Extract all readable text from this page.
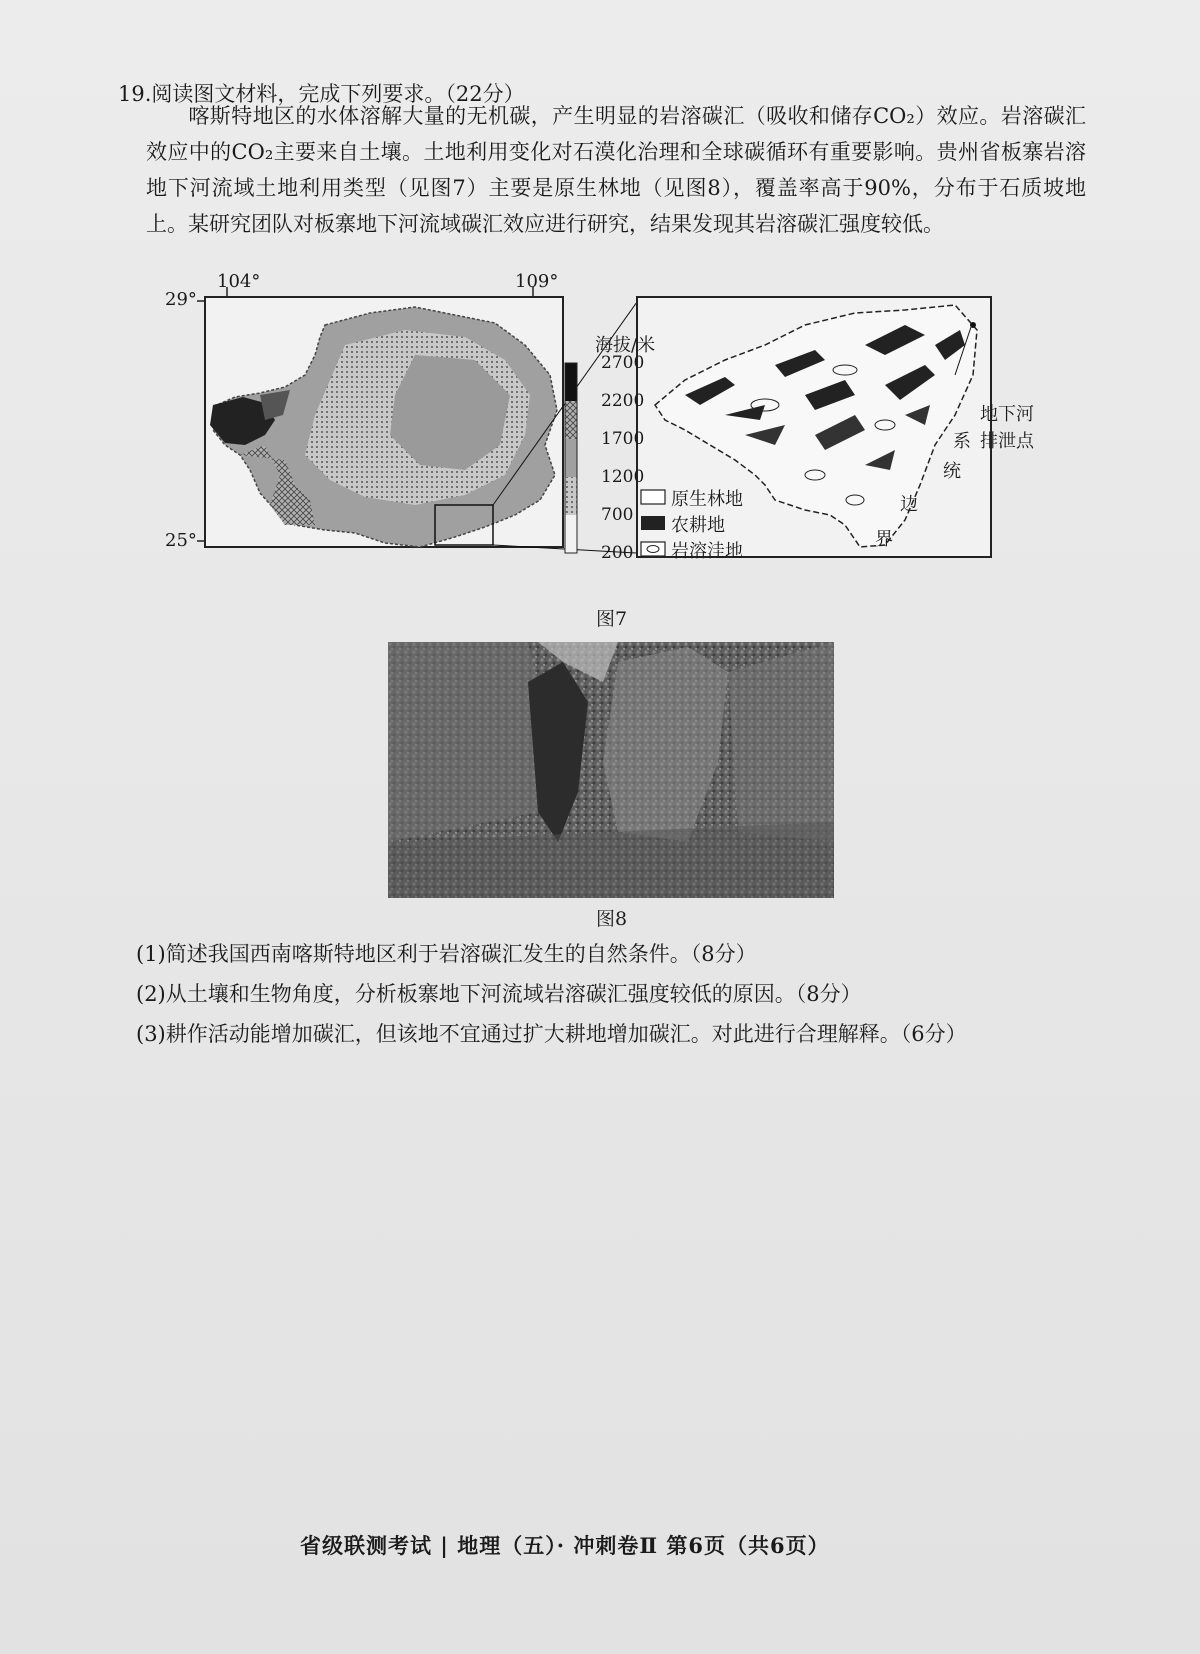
19.阅读图文材料，完成下列要求。（22分）
喀斯特地区的水体溶解大量的无机碳，产生明显的岩溶碳汇（吸收和储存CO₂）效应。岩溶碳汇效应中的CO₂主要来自土壤。土地利用变化对石漠化治理和全球碳循环有重要影响。贵州省板寨岩溶地下河流域土地利用类型（见图7）主要是原生林地（见图8），覆盖率高于90%，分布于石质坡地上。某研究团队对板寨地下河流域碳汇效应进行研究，结果发现其岩溶碳汇强度较低。
104°	109°
29°
25°
海拔/米
2700
2200
1700
1200
700
200
原生林地
农耕地
岩溶洼地
地下河
排泄点
系
统
边
界
图7
图8
(1)简述我国西南喀斯特地区利于岩溶碳汇发生的自然条件。（8分）
(2)从土壤和生物角度，分析板寨地下河流域岩溶碳汇强度较低的原因。（8分）
(3)耕作活动能增加碳汇，但该地不宜通过扩大耕地增加碳汇。对此进行合理解释。（6分）
省级联测考试 | 地理（五）· 冲刺卷Ⅱ 第6页（共6页）
